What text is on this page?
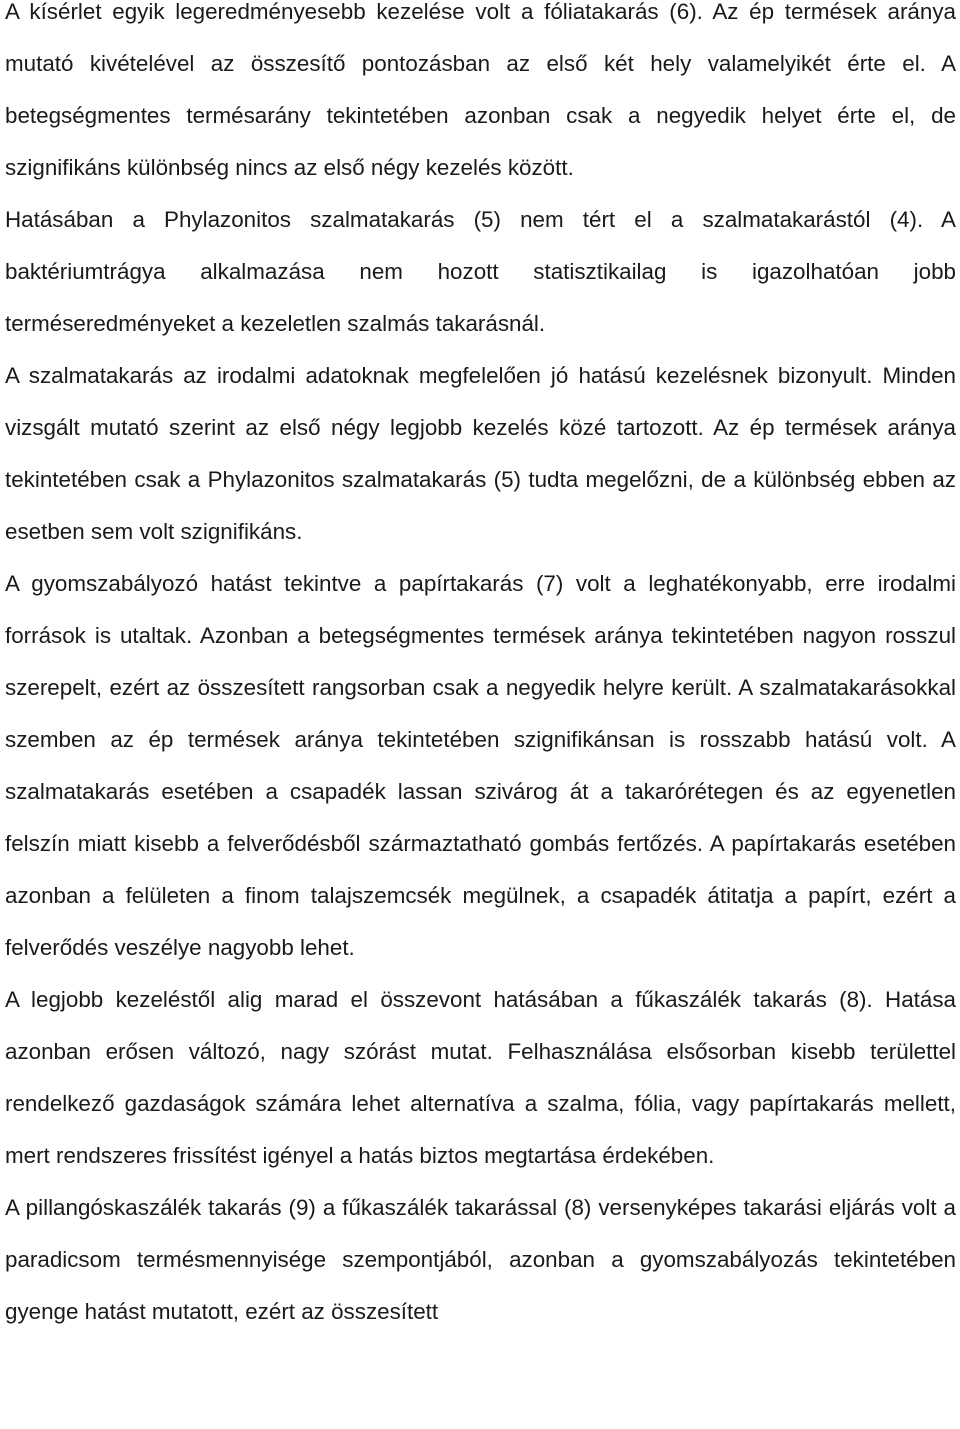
A kísérlet egyik legeredményesebb kezelése volt a fóliatakarás (6). Az ép termések aránya mutató kivételével az összesítő pontozásban az első két hely valamelyikét érte el. A betegségmentes termésarány tekintetében azonban csak a negyedik helyet érte el, de szignifikáns különbség nincs az első négy kezelés között.

Hatásában a Phylazonitos szalmatakarás (5) nem tért el a szalmatakarástól (4). A baktériumtrágya alkalmazása nem hozott statisztikailag is igazolhatóan jobb terméseredményeket a kezeletlen szalmás takarásnál.

A szalmatakarás az irodalmi adatoknak megfelelően jó hatású kezelésnek bizonyult. Minden vizsgált mutató szerint az első négy legjobb kezelés közé tartozott. Az ép termések aránya tekintetében csak a Phylazonitos szalmatakarás (5) tudta megelőzni, de a különbség ebben az esetben sem volt szignifikáns.

A gyomszabályozó hatást tekintve a papírtakarás (7) volt a leghatékonyabb, erre irodalmi források is utaltak. Azonban a betegségmentes termések aránya tekintetében nagyon rosszul szerepelt, ezért az összesített rangsorban csak a negyedik helyre került. A szalmatakarásokkal szemben az ép termések aránya tekintetében szignifikánsan is rosszabb hatású volt. A szalmatakarás esetében a csapadék lassan szivárog át a takarórétegen és az egyenetlen felszín miatt kisebb a felverődésből származtatható gombás fertőzés. A papírtakarás esetében azonban a felületen a finom talajszemcsék megülnek, a csapadék átitatja a papírt, ezért a felverődés veszélye nagyobb lehet.

A legjobb kezeléstől alig marad el összevont hatásában a fűkaszálék takarás (8). Hatása azonban erősen változó, nagy szórást mutat. Felhasználása elsősorban kisebb területtel rendelkező gazdaságok számára lehet alternatíva a szalma, fólia, vagy papírtakarás mellett, mert rendszeres frissítést igényel a hatás biztos megtartása érdekében.

A pillangóskaszálék takarás (9) a fűkaszálék takarással (8) versenyképes takarási eljárás volt a paradicsom termésmennyisége szempontjából, azonban a gyomszabályozás tekintetében gyenge hatást mutatott, ezért az összesített
